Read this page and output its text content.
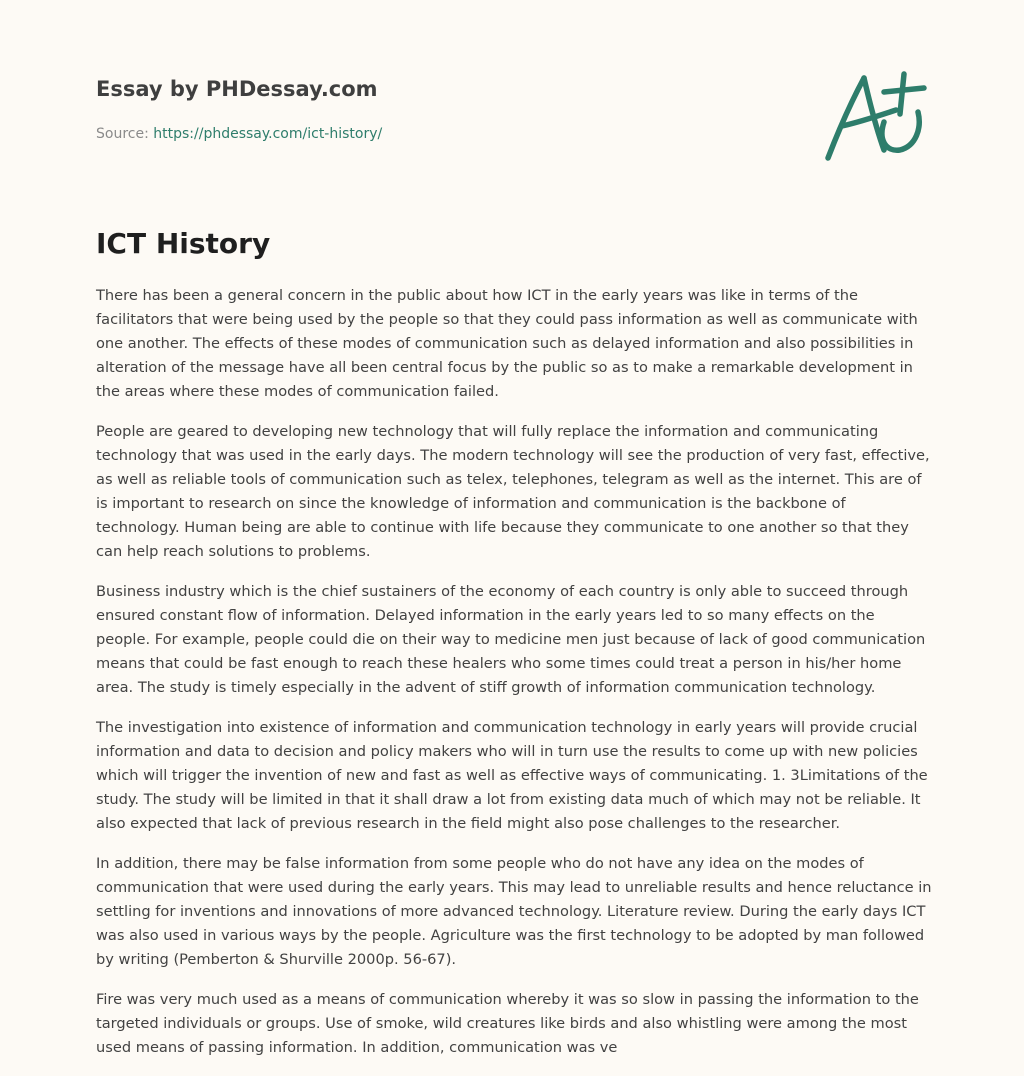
Essay by PHDessay.com
Source: https://phdessay.com/ict-history/
ICT History

There has been a general concern in the public about how ICT in the early years was like in terms of the facilitators that were being used by the people so that they could pass information as well as communicate with one another. The effects of these modes of communication such as delayed information and also possibilities in alteration of the message have all been central focus by the public so as to make a remarkable development in the areas where these modes of communication failed.

People are geared to developing new technology that will fully replace the information and communicating technology that was used in the early days. The modern technology will see the production of very fast, effective, as well as reliable tools of communication such as telex, telephones, telegram as well as the internet. This are of is important to research on since the knowledge of information and communication is the backbone of technology. Human being are able to continue with life because they communicate to one another so that they can help reach solutions to problems.

Business industry which is the chief sustainers of the economy of each country is only able to succeed through ensured constant flow of information. Delayed information in the early years led to so many effects on the people. For example, people could die on their way to medicine men just because of lack of good communication means that could be fast enough to reach these healers who some times could treat a person in his/her home area. The study is timely especially in the advent of stiff growth of information communication technology.

The investigation into existence of information and communication technology in early years will provide crucial information and data to decision and policy makers who will in turn use the results to come up with new policies which will trigger the invention of new and fast as well as effective ways of communicating. 1. 3Limitations of the study. The study will be limited in that it shall draw a lot from existing data much of which may not be reliable. It also expected that lack of previous research in the field might also pose challenges to the researcher.

In addition, there may be false information from some people who do not have any idea on the modes of communication that were used during the early years. This may lead to unreliable results and hence reluctance in settling for inventions and innovations of more advanced technology. Literature review. During the early days ICT was also used in various ways by the people. Agriculture was the first technology to be adopted by man followed by writing (Pemberton & Shurville 2000p. 56-67).

Fire was very much used as a means of communication whereby it was so slow in passing the information to the targeted individuals or groups. Use of smoke, wild creatures like birds and also whistling were among the most used means of passing information. In addition, communication was ve
